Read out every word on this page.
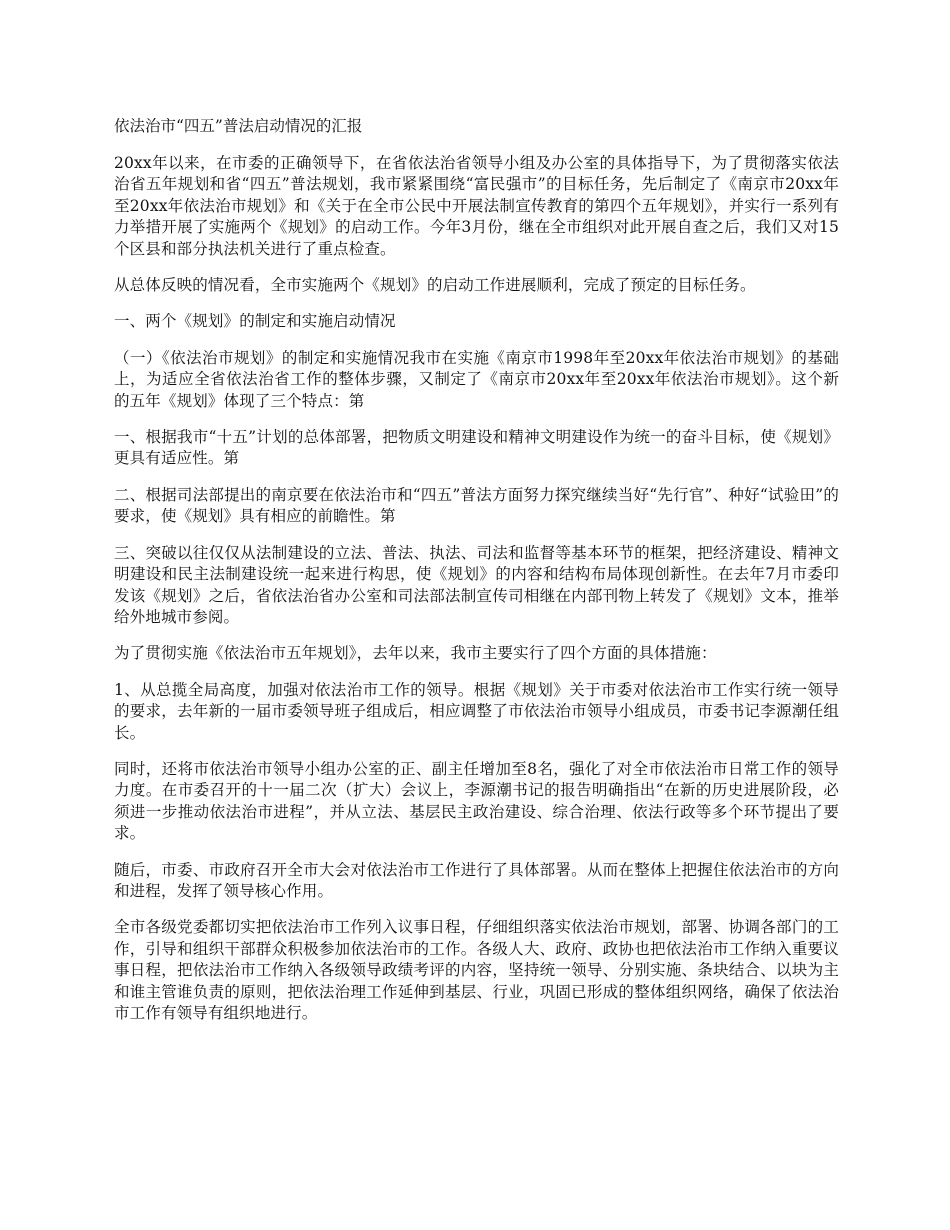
依法治市“四五”普法启动情况的汇报

20xx年以来，在市委的正确领导下，在省依法治省领导小组及办公室的具体指导下，为了贯彻落实依法治省五年规划和省“四五”普法规划，我市紧紧围绕“富民强市”的目标任务，先后制定了《南京市20xx年至20xx年依法治市规划》和《关于在全市公民中开展法制宣传教育的第四个五年规划》，并实行一系列有力举措开展了实施两个《规划》的启动工作。今年3月份，继在全市组织对此开展自查之后，我们又对15个区县和部分执法机关进行了重点检查。

从总体反映的情况看，全市实施两个《规划》的启动工作进展顺利，完成了预定的目标任务。

一、两个《规划》的制定和实施启动情况

（一）《依法治市规划》的制定和实施情况我市在实施《南京市1998年至20xx年依法治市规划》的基础上，为适应全省依法治省工作的整体步骤，又制定了《南京市20xx年至20xx年依法治市规划》。这个新的五年《规划》体现了三个特点：第

一、根据我市“十五”计划的总体部署，把物质文明建设和精神文明建设作为统一的奋斗目标，使《规划》更具有适应性。第

二、根据司法部提出的南京要在依法治市和“四五”普法方面努力探究继续当好“先行官”、种好“试验田”的要求，使《规划》具有相应的前瞻性。第

三、突破以往仅仅从法制建设的立法、普法、执法、司法和监督等基本环节的框架，把经济建设、精神文明建设和民主法制建设统一起来进行构思，使《规划》的内容和结构布局体现创新性。在去年7月市委印发该《规划》之后，省依法治省办公室和司法部法制宣传司相继在内部刊物上转发了《规划》文本，推举给外地城市参阅。

为了贯彻实施《依法治市五年规划》，去年以来，我市主要实行了四个方面的具体措施：

1、从总揽全局高度，加强对依法治市工作的领导。根据《规划》关于市委对依法治市工作实行统一领导的要求，去年新的一届市委领导班子组成后，相应调整了市依法治市领导小组成员，市委书记李源潮任组长。

同时，还将市依法治市领导小组办公室的正、副主任增加至8名，强化了对全市依法治市日常工作的领导力度。在市委召开的十一届二次（扩大）会议上，李源潮书记的报告明确指出“在新的历史进展阶段，必须进一步推动依法治市进程”，并从立法、基层民主政治建设、综合治理、依法行政等多个环节提出了要求。

随后，市委、市政府召开全市大会对依法治市工作进行了具体部署。从而在整体上把握住依法治市的方向和进程，发挥了领导核心作用。

全市各级党委都切实把依法治市工作列入议事日程，仔细组织落实依法治市规划，部署、协调各部门的工作，引导和组织干部群众积极参加依法治市的工作。各级人大、政府、政协也把依法治市工作纳入重要议事日程，把依法治市工作纳入各级领导政绩考评的内容，坚持统一领导、分别实施、条块结合、以块为主和谁主管谁负责的原则，把依法治理工作延伸到基层、行业，巩固已形成的整体组织网络，确保了依法治市工作有领导有组织地进行。
